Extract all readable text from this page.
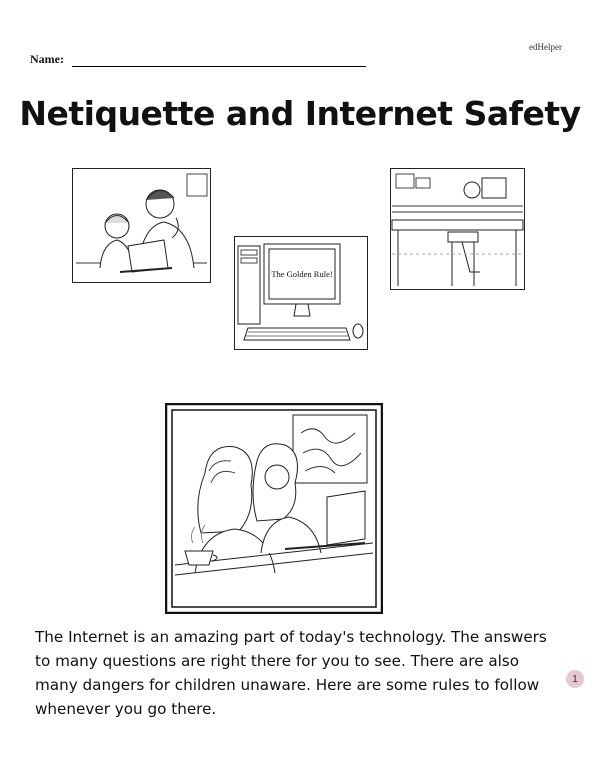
edHelper
Name:
Netiquette and Internet Safety
The Golden Rule!
The Internet is an amazing part of today's technology. The answers to many questions are right there for you to see. There are also many dangers for children unaware. Here are some rules to follow whenever you go there.
1
